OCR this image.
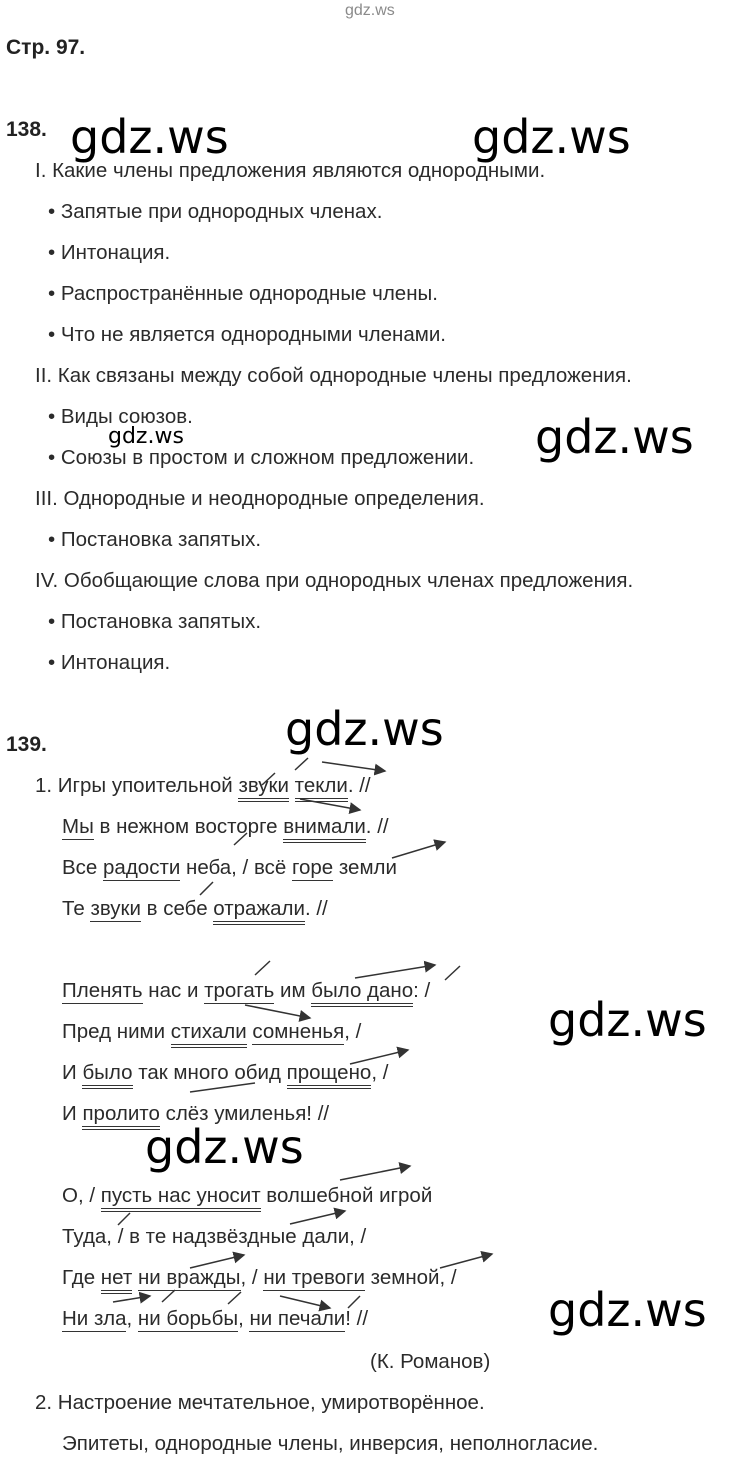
gdz.ws
Стр. 97.
138.
I. Какие члены предложения являются однородными.
• Запятые при однородных членах.
• Интонация.
• Распространённые однородные члены.
• Что не является однородными членами.
II. Как связаны между собой однородные члены предложения.
• Виды союзов.
• Союзы в простом и сложном предложении.
III. Однородные и неоднородные определения.
• Постановка запятых.
IV. Обобщающие слова при однородных членах предложения.
• Постановка запятых.
• Интонация.
139.
1. Игры упоительной звуки текли. //
Мы в нежном восторге внимали. //
Все радости неба, / всё горе земли
Те звуки в себе отражали. //
Пленять нас и трогать им было дано: /
Пред ними стихали сомненья, /
И было так много обид прощено, /
И пролито слёз умиленья! //
О, / пусть нас уносит волшебной игрой
Туда, / в те надзвёздные дали, /
Где нет ни вражды, / ни тревоги земной, /
Ни зла, ни борьбы, ни печали! //
(К. Романов)
2. Настроение мечтательное, умиротворённое.
Эпитеты, однородные члены, инверсия, неполногласие.
gdz.ws	gdz.ws
gdz.ws	gdz.ws
gdz.ws
gdz.ws
gdz.ws
gdz.ws
